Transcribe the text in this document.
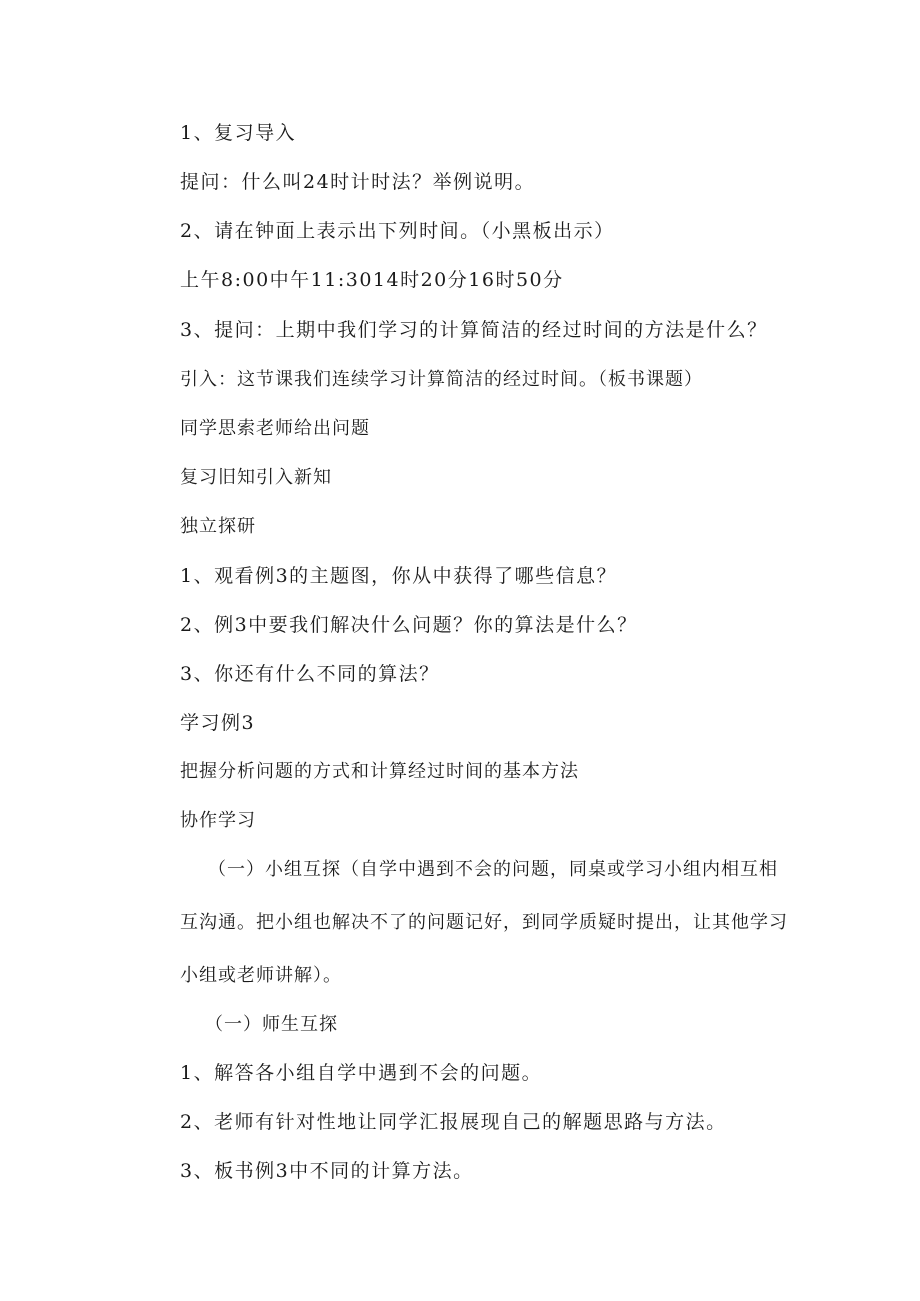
1、复习导入
提问：什么叫24时计时法？举例说明。
2、请在钟面上表示出下列时间。（小黑板出示）
上午8:00中午11:3014时20分16时50分
3、提问：上期中我们学习的计算简洁的经过时间的方法是什么？
引入：这节课我们连续学习计算简洁的经过时间。（板书课题）
同学思索老师给出问题
复习旧知引入新知
独立探研
1、观看例3的主题图，你从中获得了哪些信息？
2、例3中要我们解决什么问题？你的算法是什么？
3、你还有什么不同的算法？
学习例3
把握分析问题的方式和计算经过时间的基本方法
协作学习
（一）小组互探（自学中遇到不会的问题，同桌或学习小组内相互相互沟通。把小组也解决不了的问题记好，到同学质疑时提出，让其他学习小组或老师讲解）。
（一）师生互探
1、解答各小组自学中遇到不会的问题。
2、老师有针对性地让同学汇报展现自己的解题思路与方法。
3、板书例3中不同的计算方法。
